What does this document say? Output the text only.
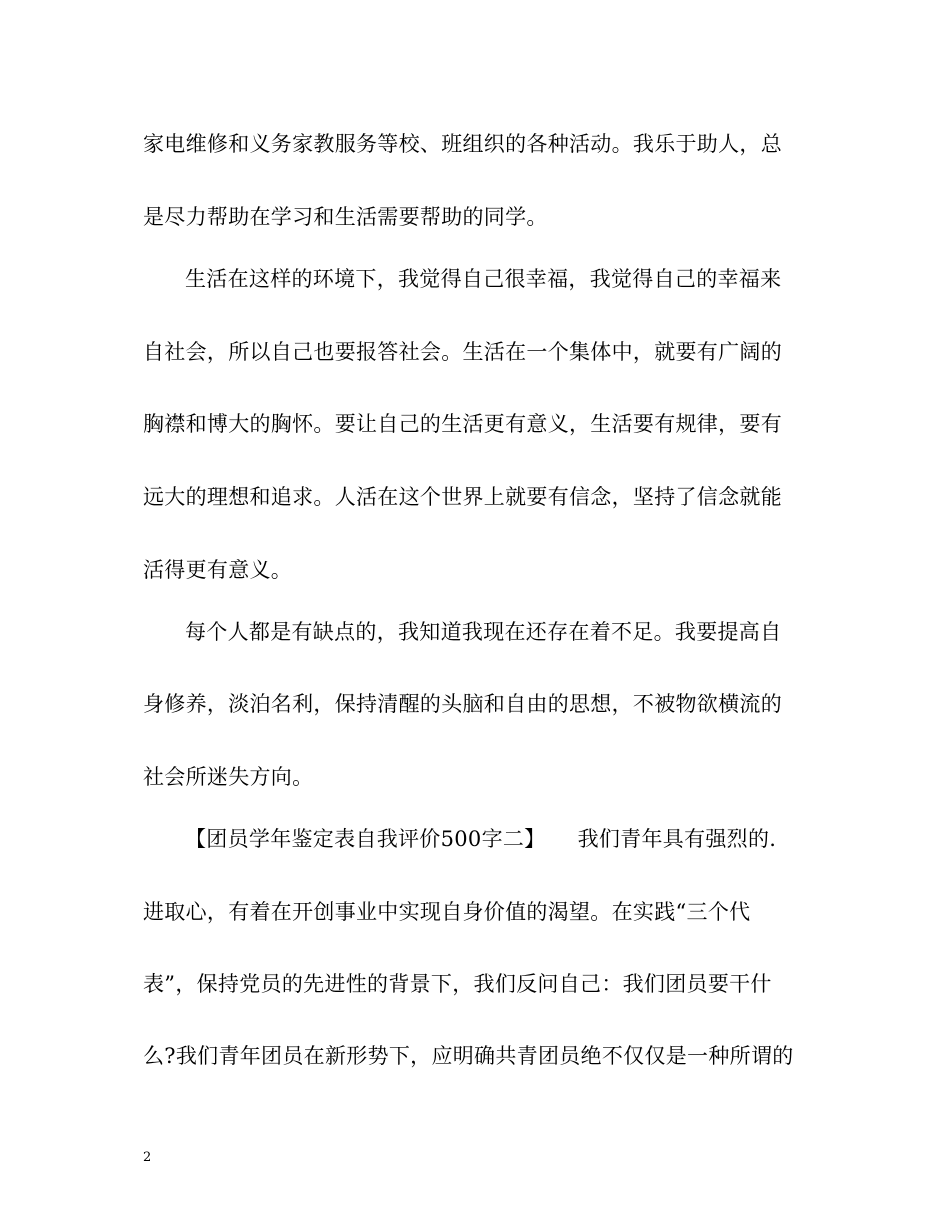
家电维修和义务家教服务等校、班组织的各种活动。我乐于助人，总
是尽力帮助在学习和生活需要帮助的同学。
生活在这样的环境下，我觉得自己很幸福，我觉得自己的幸福来
自社会，所以自己也要报答社会。生活在一个集体中，就要有广阔的
胸襟和博大的胸怀。要让自己的生活更有意义，生活要有规律，要有
远大的理想和追求。人活在这个世界上就要有信念，坚持了信念就能
活得更有意义。
每个人都是有缺点的，我知道我现在还存在着不足。我要提高自
身修养，淡泊名利，保持清醒的头脑和自由的思想，不被物欲横流的
社会所迷失方向。
【团员学年鉴定表自我评价500字二】　　我们青年具有强烈的.
进取心，有着在开创事业中实现自身价值的渴望。在实践“三个代
表”，保持党员的先进性的背景下，我们反问自己：我们团员要干什
么?我们青年团员在新形势下，应明确共青团员绝不仅仅是一种所谓的
2
